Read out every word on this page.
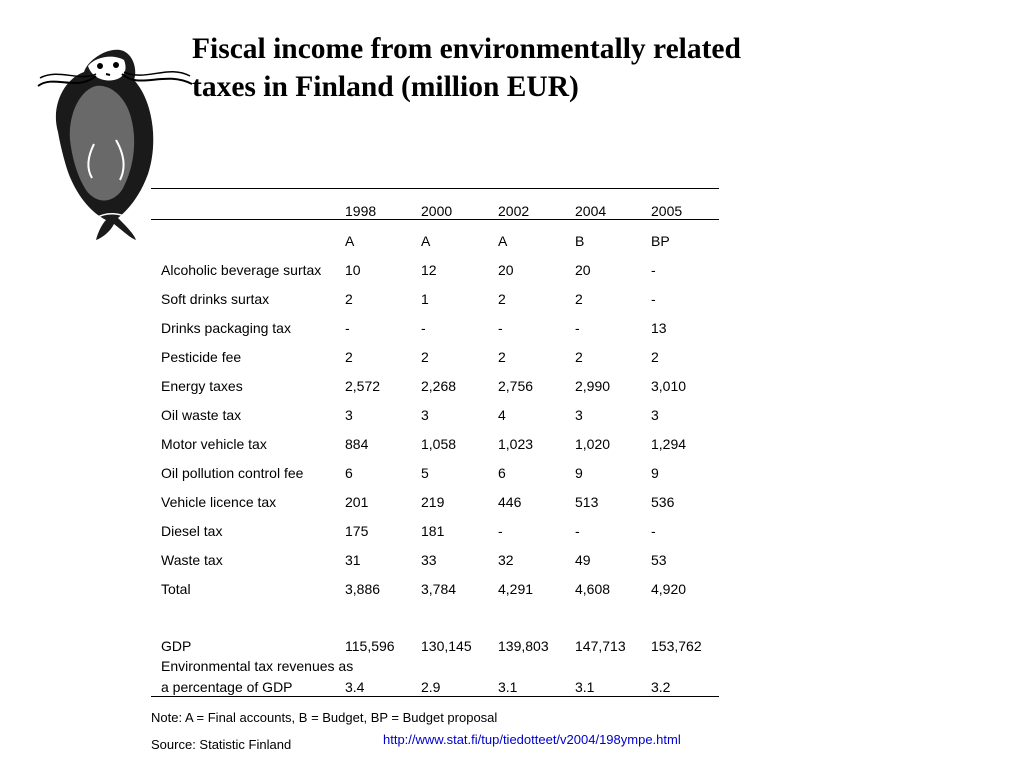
Fiscal income from environmentally related
taxes in Finland (million EUR)
1998	2000	2002	2004	2005
A	A	A	B	BP
Alcoholic beverage surtax 10	12	20	20	-
Soft drinks surtax	2	1	2	2	-
Drinks packaging tax	-	-	-	-	13
Pesticide fee	2	2	2	2	2
Energy taxes	2,572	2,268	2,756	2,990	3,010
Oil waste tax	3	3	4	3	3
Motor vehicle tax	884	1,058	1,023	1,020	1,294
Oil pollution control fee	6	5	6	9	9
Vehicle licence tax	201	219	446	513	536
Diesel tax	175	181	-	-	-
Waste tax	31	33	32	49	53
Total	3,886	3,784	4,291	4,608	4,920
GDP	115,596 130,145 139,803 147,713 153,762
Environmental tax revenues as
a percentage of GDP	3.4	2.9	3.1	3.1	3.2
Note: A = Final accounts, B = Budget, BP = Budget proposal
Source: Statistic Finland	http://www.stat.fi/tup/tiedotteet/v2004/198ympe.html
